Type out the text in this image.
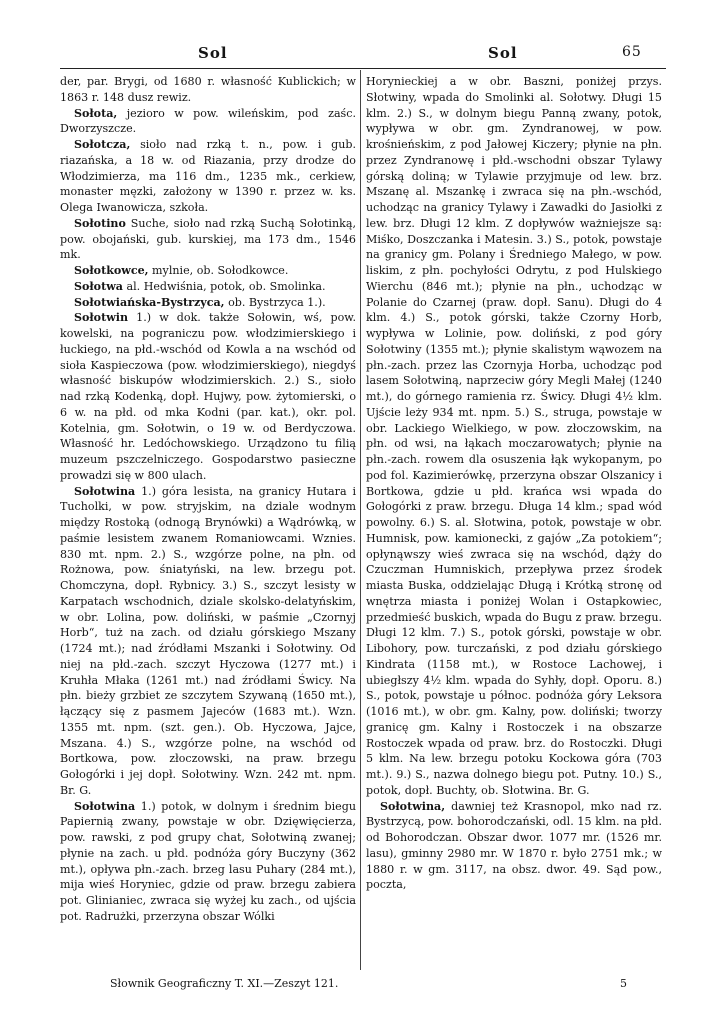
Sol	Sol	65

der, par. Brygi, od 1680 r. własność Kublickich; w 1863 r. 148 dusz rewiz.

Sołota, jezioro w pow. wileńskim, pod zaśc. Dworzyszcze.

Sołotcza, sioło nad rzką t. n., pow. i gub. riazańska, a 18 w. od Riazania, przy drodze do Włodzimierza, ma 116 dm., 1235 mk., cerkiew, monaster męzki, założony w 1390 r. przez w. ks. Olega Iwanowicza, szkoła.

Sołotino Suche, sioło nad rzką Suchą Sołotinką, pow. obojański, gub. kurskiej, ma 173 dm., 1546 mk.

Sołotkowce, mylnie, ob. Sołodkowce.

Sołotwa al. Hedwiśnia, potok, ob. Smolinka.

Sołotwiańska-Bystrzyca, ob. Bystrzyca 1.).

Sołotwin 1.) w dok. także Sołowin, wś, pow. kowelski, na pograniczu pow. włodzimierskiego i łuckiego, na płd.-wschód od Kowla a na wschód od sioła Kaspieczowa (pow. włodzimierskiego), niegdyś własność biskupów włodzimierskich. 2.) S., sioło nad rzką Kodenką, dopł. Hujwy, pow. żytomierski, o 6 w. na płd. od mka Kodni (par. kat.), okr. pol. Kotelnia, gm. Sołotwin, o 19 w. od Berdyczowa. Własność hr. Ledóchowskiego. Urządzono tu filią muzeum pszczelniczego. Gospodarstwo pasieczne prowadzi się w 800 ulach.

Sołotwina 1.) góra lesista, na granicy Hutara i Tucholki, w pow. stryjskim, na dziale wodnym między Rostoką (odnogą Brynówki) a Wądrówką, w paśmie lesistem zwanem Romaniowcami. Wznies. 830 mt. npm. 2.) S., wzgórze polne, na płn. od Rożnowa, pow. śniatyński, na lew. brzegu pot. Chomczyna, dopł. Rybnicy. 3.) S., szczyt lesisty w Karpatach wschodnich, dziale skolsko-delatyńskim, w obr. Lolina, pow. doliński, w paśmie „Czornyj Horb“, tuż na zach. od działu górskiego Mszany (1724 mt.); nad źródłami Mszanki i Sołotwiny. Od niej na płd.-zach. szczyt Hyczowa (1277 mt.) i Kruhła Młaka (1261 mt.) nad źródłami Świcy. Na płn. bieży grzbiet ze szczytem Szywaną (1650 mt.), łączący się z pasmem Jajeców (1683 mt.). Wzn. 1355 mt. npm. (szt. gen.). Ob. Hyczowa, Jajce, Mszana. 4.) S., wzgórze polne, na wschód od Bortkowa, pow. złoczowski, na praw. brzegu Gołogórki i jej dopł. Sołotwiny. Wzn. 242 mt. npm. Br. G.

Sołotwina 1.) potok, w dolnym i średnim biegu Papiernią zwany, powstaje w obr. Dzięwięcierza, pow. rawski, z pod grupy chat, Sołotwiną zwanej; płynie na zach. u płd. podnóża góry Buczyny (362 mt.), opływa płn.-zach. brzeg lasu Puhary (284 mt.), mija wieś Horyniec, gdzie od praw. brzegu zabiera pot. Glinianiec, zwraca się wyżej ku zach., od ujścia pot. Radrużki, przerzyna obszar Wólki

Horynieckiej a w obr. Baszni, poniżej przys. Słotwiny, wpada do Smolinki al. Sołotwy. Długi 15 klm. 2.) S., w dolnym biegu Panną zwany, potok, wypływa w obr. gm. Zyndranowej, w pow. krośnieńskim, z pod Jałowej Kiczery; płynie na płn. przez Zyndranowę i płd.-wschodni obszar Tylawy górską doliną; w Tylawie przyjmuje od lew. brz. Mszanę al. Mszankę i zwraca się na płn.-wschód, uchodząc na granicy Tylawy i Zawadki do Jasiołki z lew. brz. Długi 12 klm. Z dopływów ważniejsze są: Miśko, Doszczanka i Matesin. 3.) S., potok, powstaje na granicy gm. Polany i Średniego Małego, w pow. liskim, z płn. pochyłości Odrytu, z pod Hulskiego Wierchu (846 mt.); płynie na płn., uchodząc w Polanie do Czarnej (praw. dopł. Sanu). Długi do 4 klm. 4.) S., potok górski, także Czorny Horb, wypływa w Lolinie, pow. doliński, z pod góry Sołotwiny (1355 mt.); płynie skalistym wąwozem na płn.-zach. przez las Czornyja Horba, uchodząc pod lasem Sołotwiną, naprzeciw góry Megli Małej (1240 mt.), do górnego ramienia rz. Świcy. Długi 4½ klm. Ujście leży 934 mt. npm. 5.) S., struga, powstaje w obr. Lackiego Wielkiego, w pow. złoczowskim, na płn. od wsi, na łąkach moczarowatych; płynie na płn.-zach. rowem dla osuszenia łąk wykopanym, po pod fol. Kazimierówkę, przerzyna obszar Olszanicy i Bortkowa, gdzie u płd. krańca wsi wpada do Gołogórki z praw. brzegu. Długa 14 klm.; spad wód powolny. 6.) S. al. Słotwina, potok, powstaje w obr. Humnisk, pow. kamionecki, z gajów „Za potokiem“; opłynąwszy wieś zwraca się na wschód, dąży do Czuczman Humniskich, przepływa przez środek miasta Buska, oddzielając Długą i Krótką stronę od wnętrza miasta i poniżej Wolan i Ostapkowiec, przedmieść buskich, wpada do Bugu z praw. brzegu. Długi 12 klm. 7.) S., potok górski, powstaje w obr. Libohory, pow. turczański, z pod działu górskiego Kindrata (1158 mt.), w Rostoce Lachowej, i ubiegłszy 4½ klm. wpada do Syhły, dopł. Oporu. 8.) S., potok, powstaje u północ. podnóża góry Leksora (1016 mt.), w obr. gm. Kalny, pow. doliński; tworzy granicę gm. Kalny i Rostoczek i na obszarze Rostoczek wpada od praw. brz. do Rostoczki. Długi 5 klm. Na lew. brzegu potoku Kockowa góra (703 mt.). 9.) S., nazwa dolnego biegu pot. Putny. 10.) S., potok, dopł. Buchty, ob. Słotwina. Br. G.

Sołotwina, dawniej też Krasnopol, mko nad rz. Bystrzycą, pow. bohorodczański, odl. 15 klm. na płd. od Bohorodczan. Obszar dwor. 1077 mr. (1526 mr. lasu), gminny 2980 mr. W 1870 r. było 2751 mk.; w 1880 r. w gm. 3117, na obsz. dwor. 49. Sąd pow., poczta,

Słownik Geograficzny T. XI.—Zeszyt 121.	5
